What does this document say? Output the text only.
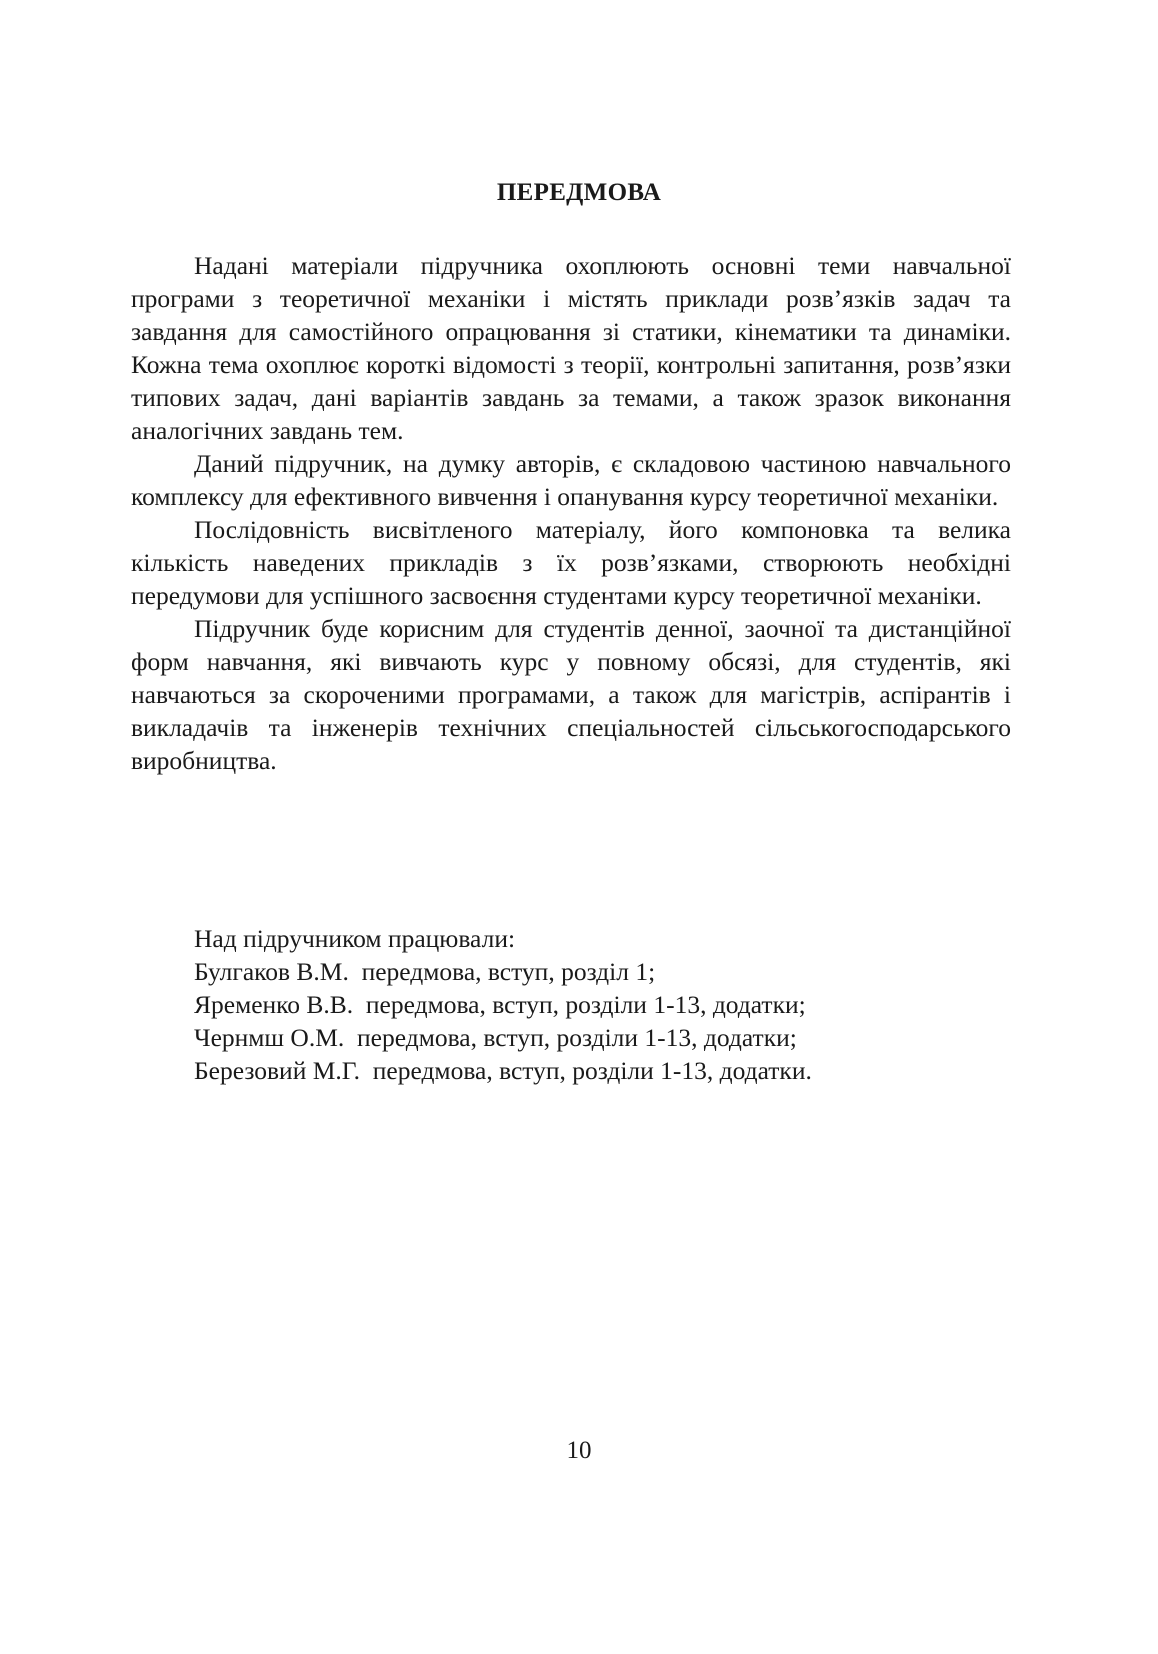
ПЕРЕДМОВА

Надані матеріали підручника охоплюють основні теми навчальної програми з теоретичної механіки і містять приклади розв’язків задач та завдання для самостійного опрацювання зі статики, кінематики та динаміки. Кожна тема охоплює короткі відомості з теорії, контрольні запитання, розв’язки типових задач, дані варіантів завдань за темами, а також зразок виконання аналогічних завдань тем.

Даний підручник, на думку авторів, є складовою частиною навчального комплексу для ефективного вивчення і опанування курсу теоретичної механіки.

Послідовність висвітленого матеріалу, його компоновка та велика кількість наведених прикладів з їх розв’язками, створюють необхідні передумови для успішного засвоєння студентами курсу теоретичної механіки.

Підручник буде корисним для студентів денної, заочної та дистанційної форм навчання, які вивчають курс у повному обсязі, для студентів, які навчаються за скороченими програмами, а також для магістрів, аспірантів і викладачів та інженерів технічних спеціальностей сільськогосподарського виробництва.

Над підручником працювали:
Булгаков В.М.  передмова, вступ, розділ 1;
Яременко В.В.  передмова, вступ, розділи 1-13, додатки;
Чернмш О.М.  передмова, вступ, розділи 1-13, додатки;
Березовий М.Г.  передмова, вступ, розділи 1-13, додатки.
10
